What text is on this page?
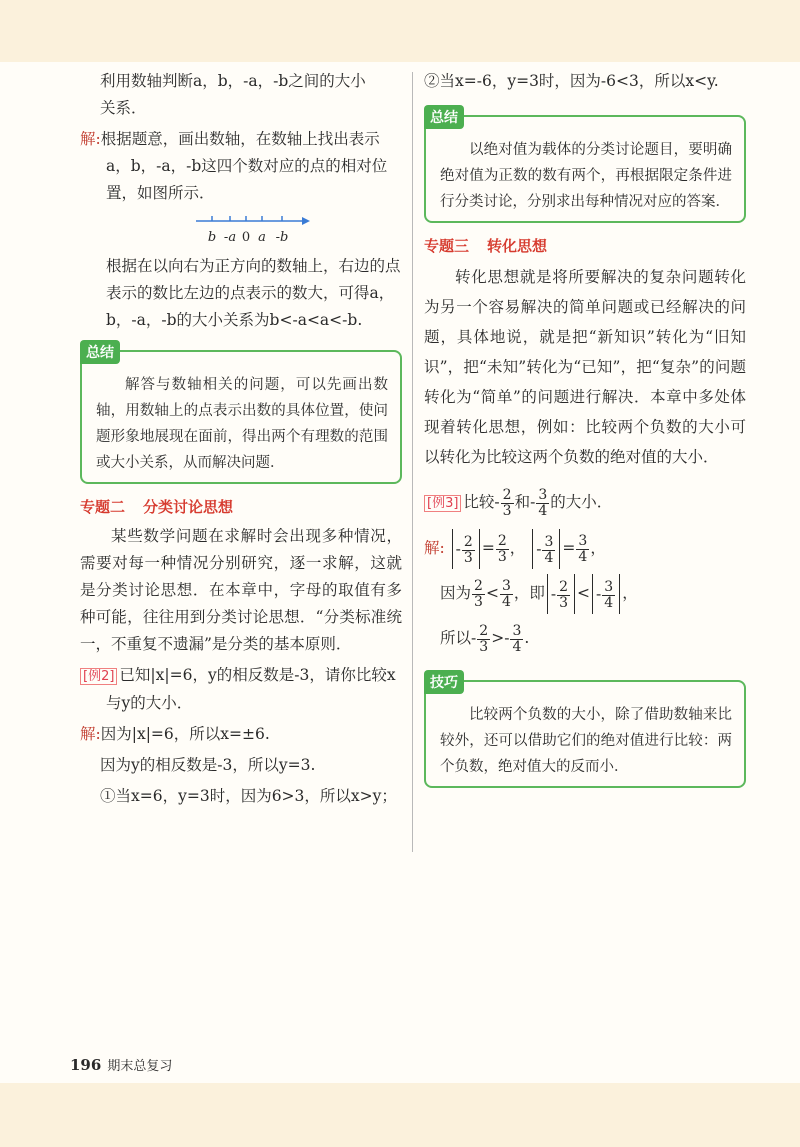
利用数轴判断a，b，-a，-b之间的大小

关系．

解:根据题意，画出数轴，在数轴上找出表示a，b，-a，-b这四个数对应的点的相对位置，如图所示．

b -a 0 a -b

根据在以向右为正方向的数轴上，右边的点表示的数比左边的点表示的数大，可得a，b，-a，-b的大小关系为b<-a<a<-b.

总结

解答与数轴相关的问题，可以先画出数轴，用数轴上的点表示出数的具体位置，使问题形象地展现在面前，得出两个有理数的范围或大小关系，从而解决问题．

专题二 分类讨论思想

某些数学问题在求解时会出现多种情况，需要对每一种情况分别研究，逐一求解，这就是分类讨论思想．在本章中，字母的取值有多种可能，往往用到分类讨论思想．“分类标准统一，不重复不遗漏”是分类的基本原则．

[例2] 已知|x|=6，y的相反数是-3，请你比较x与y的大小．

解:因为|x|=6，所以x=±6.

因为y的相反数是-3，所以y=3.

①当x=6，y=3时，因为6>3，所以x>y；

②当x=-6，y=3时，因为-6<3，所以x<y.

总结

以绝对值为载体的分类讨论题目，要明确绝对值为正数的数有两个，再根据限定条件进行分类讨论，分别求出每种情况对应的答案．

专题三 转化思想

转化思想就是将所要解决的复杂问题转化为另一个容易解决的简单问题或已经解决的问题，具体地说，就是把“新知识”转化为“旧知识”，把“未知”转化为“已知”，把“复杂”的问题转化为“简单”的问题进行解决．本章中多处体现着转化思想，例如：比较两个负数的大小可以转化为比较这两个负数的绝对值的大小．

[例3] 比较- $\frac{2}{3}$ 和- $\frac{3}{4}$ 的大小．
解: - $\frac{2}{3} = \frac{2}{3}$ ， - $\frac{3}{4} = \frac{3}{4}$ ，
因为 $\frac{2}{3} < \frac{3}{4}$ ，即 - $\frac{2}{3}$ < - $\frac{3}{4}$ ，
所以- $\frac{2}{3} >- \frac{3}{4}$ .
技巧

比较两个负数的大小，除了借助数轴来比较外，还可以借助它们的绝对值进行比较：两个负数，绝对值大的反而小．

196 期末总复习
